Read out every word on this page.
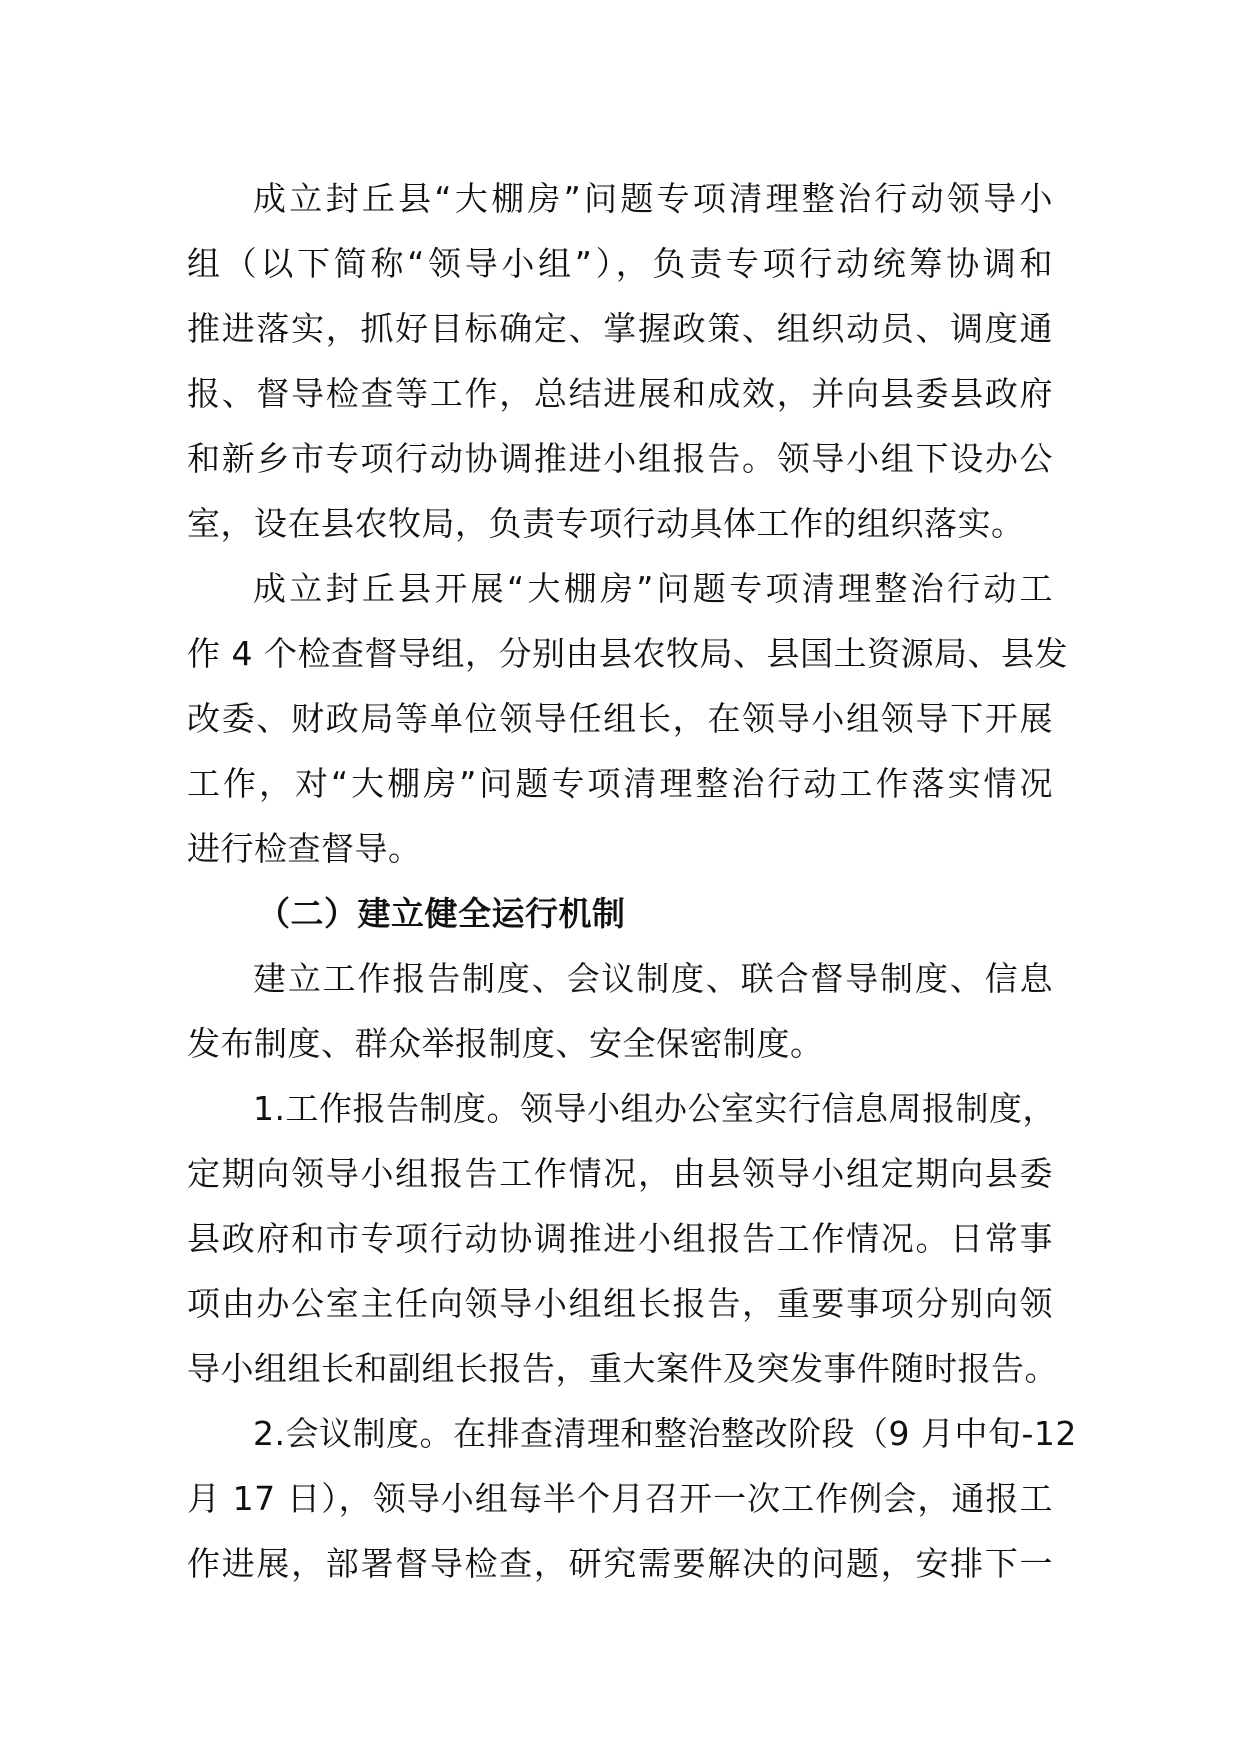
成立封丘县“大棚房”问题专项清理整治行动领导小
组（以下简称“领导小组”），负责专项行动统筹协调和
推进落实，抓好目标确定、掌握政策、组织动员、调度通
报、督导检查等工作，总结进展和成效，并向县委县政府
和新乡市专项行动协调推进小组报告。领导小组下设办公
室，设在县农牧局，负责专项行动具体工作的组织落实。
成立封丘县开展“大棚房”问题专项清理整治行动工
作 4 个检查督导组，分别由县农牧局、县国土资源局、县发
改委、财政局等单位领导任组长，在领导小组领导下开展
工作，对“大棚房”问题专项清理整治行动工作落实情况
进行检查督导。
（二）建立健全运行机制
建立工作报告制度、会议制度、联合督导制度、信息
发布制度、群众举报制度、安全保密制度。
1.工作报告制度。领导小组办公室实行信息周报制度，
定期向领导小组报告工作情况，由县领导小组定期向县委
县政府和市专项行动协调推进小组报告工作情况。日常事
项由办公室主任向领导小组组长报告，重要事项分别向领
导小组组长和副组长报告，重大案件及突发事件随时报告。
2.会议制度。在排查清理和整治整改阶段（9 月中旬-12
月 17 日），领导小组每半个月召开一次工作例会，通报工
作进展，部署督导检查，研究需要解决的问题，安排下一
